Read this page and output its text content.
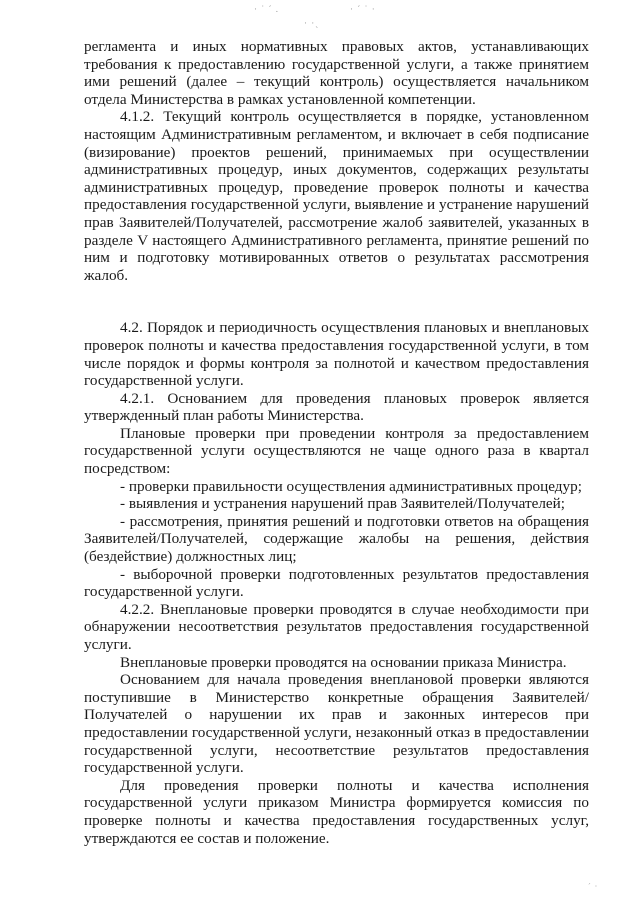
· ˙ ˊ .
· ·ˏ
· ˊ ˙ ·
ˊ ·

регламента и иных нормативных правовых актов, устанавливающих требования к предоставлению государственной услуги, а также принятием ими решений (далее – текущий контроль) осуществляется начальником отдела Министерства в рамках установленной компетенции.

4.1.2. Текущий контроль осуществляется в порядке, установленном настоящим Административным регламентом, и включает в себя подписание (визирование) проектов решений, принимаемых при осуществлении административных процедур, иных документов, содержащих результаты административных процедур, проведение проверок полноты и качества предоставления государственной услуги, выявление и устранение нарушений прав Заявителей/Получателей, рассмотрение жалоб заявителей, указанных в разделе V настоящего Административного регламента, принятие решений по ним и подготовку мотивированных ответов о результатах рассмотрения жалоб.

4.2. Порядок и периодичность осуществления плановых и внеплановых проверок полноты и качества предоставления государственной услуги, в том числе порядок и формы контроля за полнотой и качеством предоставления государственной услуги.

4.2.1. Основанием для проведения плановых проверок является утвержденный план работы Министерства.

Плановые проверки при проведении контроля за предоставлением государственной услуги осуществляются не чаще одного раза в квартал посредством:

- проверки правильности осуществления административных процедур;

- выявления и устранения нарушений прав Заявителей/Получателей;

- рассмотрения, принятия решений и подготовки ответов на обращения Заявителей/Получателей, содержащие жалобы на решения, действия (бездействие) должностных лиц;

- выборочной проверки подготовленных результатов предоставления государственной услуги.

4.2.2. Внеплановые проверки проводятся в случае необходимости при обнаружении несоответствия результатов предоставления государственной услуги.

Внеплановые проверки проводятся на основании приказа Министра.

Основанием для начала проведения внеплановой проверки являются поступившие в Министерство конкретные обращения Заявителей/Получателей о нарушении их прав и законных интересов при предоставлении государственной услуги, незаконный отказ в предоставлении государственной услуги, несоответствие результатов предоставления государственной услуги.

Для проведения проверки полноты и качества исполнения государственной услуги приказом Министра формируется комиссия по проверке полноты и качества предоставления государственных услуг, утверждаются ее состав и положение.
